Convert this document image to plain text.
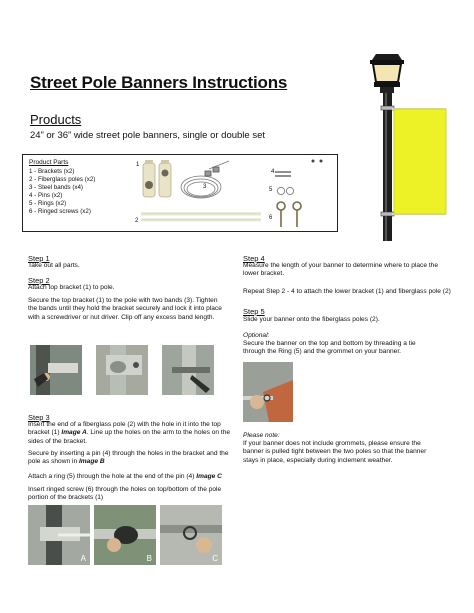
Street Pole Banners Instructions
Products
24” or 36” wide street pole banners, single or double set
Product Parts
1 - Brackets (x2)
2 - Fiberglass poles (x2)
3 - Steel bands (x4)
4 - Pins (x2)
5 - Rings (x2)
6 - Ringed screws (x2)
1
2
3
4
5
6
Step 1
Take out all parts.
Step 2
Attach top bracket (1) to pole.
Secure the top bracket (1) to the pole with two bands (3). Tighten the bands until they hold the bracket securely and lock it into place with a screwdriver or nut driver. Clip off any excess band length.
Step 3
Insert the end of a fiberglass pole (2) with the hole in it into the top bracket (1) Image A. Line up the holes on the arm to the holes on the sides of the bracket.
Secure by inserting a pin (4) through the holes in the bracket and the pole as shown in Image B
Attach a ring (5) through the hole at the end of the pin (4) Image C
Insert ringed screw (6) through the holes on top/bottom of the pole portion of the brackets (1)
A	B	C
Step 4
Measure the length of your banner to determine where to place the lower bracket.
Repeat Step 2 - 4 to attach the lower bracket (1) and fiberglass pole (2)
Step 5
Slide your banner onto the fiberglass poles (2).
Optional:
Secure the banner on the top and bottom by threading a tie through the Ring (5) and the grommet on your banner.
Please note:
If your banner does not include grommets, please ensure the banner is pulled tight between the two poles so that the banner stays in place, especially during inclement weather.
